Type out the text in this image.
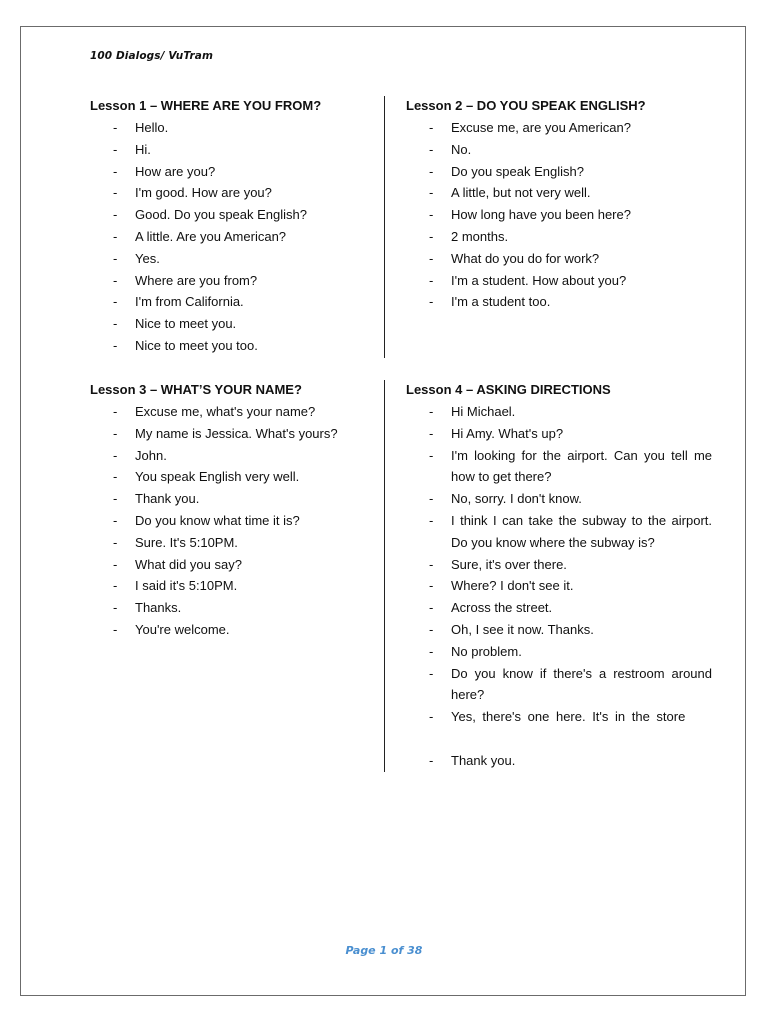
100 Dialogs/ VuTram
Lesson 1 – WHERE ARE YOU FROM?
- Hello.
- Hi.
- How are you?
- I'm good. How are you?
- Good. Do you speak English?
- A little. Are you American?
- Yes.
- Where are you from?
- I'm from California.
- Nice to meet you.
- Nice to meet you too.
Lesson 2 – DO YOU SPEAK ENGLISH?
- Excuse me, are you American?
- No.
- Do you speak English?
- A little, but not very well.
- How long have you been here?
- 2 months.
- What do you do for work?
- I'm a student. How about you?
- I'm a student too.
Lesson 3 – WHAT’S YOUR NAME?
- Excuse me, what's your name?
- My name is Jessica. What's yours?
- John.
- You speak English very well.
- Thank you.
- Do you know what time it is?
- Sure. It's 5:10PM.
- What did you say?
- I said it's 5:10PM.
- Thanks.
- You're welcome.
Lesson 4 – ASKING DIRECTIONS
- Hi Michael.
- Hi Amy. What's up?
- I'm looking for the airport. Can you tell me how to get there?
- No, sorry. I don't know.
- I think I can take the subway to the airport. Do you know where the subway is?
- Sure, it's over there.
- Where? I don't see it.
- Across the street.
- Oh, I see it now. Thanks.
- No problem.
- Do you know if there's a restroom around here?
- Yes, there's one here. It's in the store
- Thank you.
Page 1 of 38
